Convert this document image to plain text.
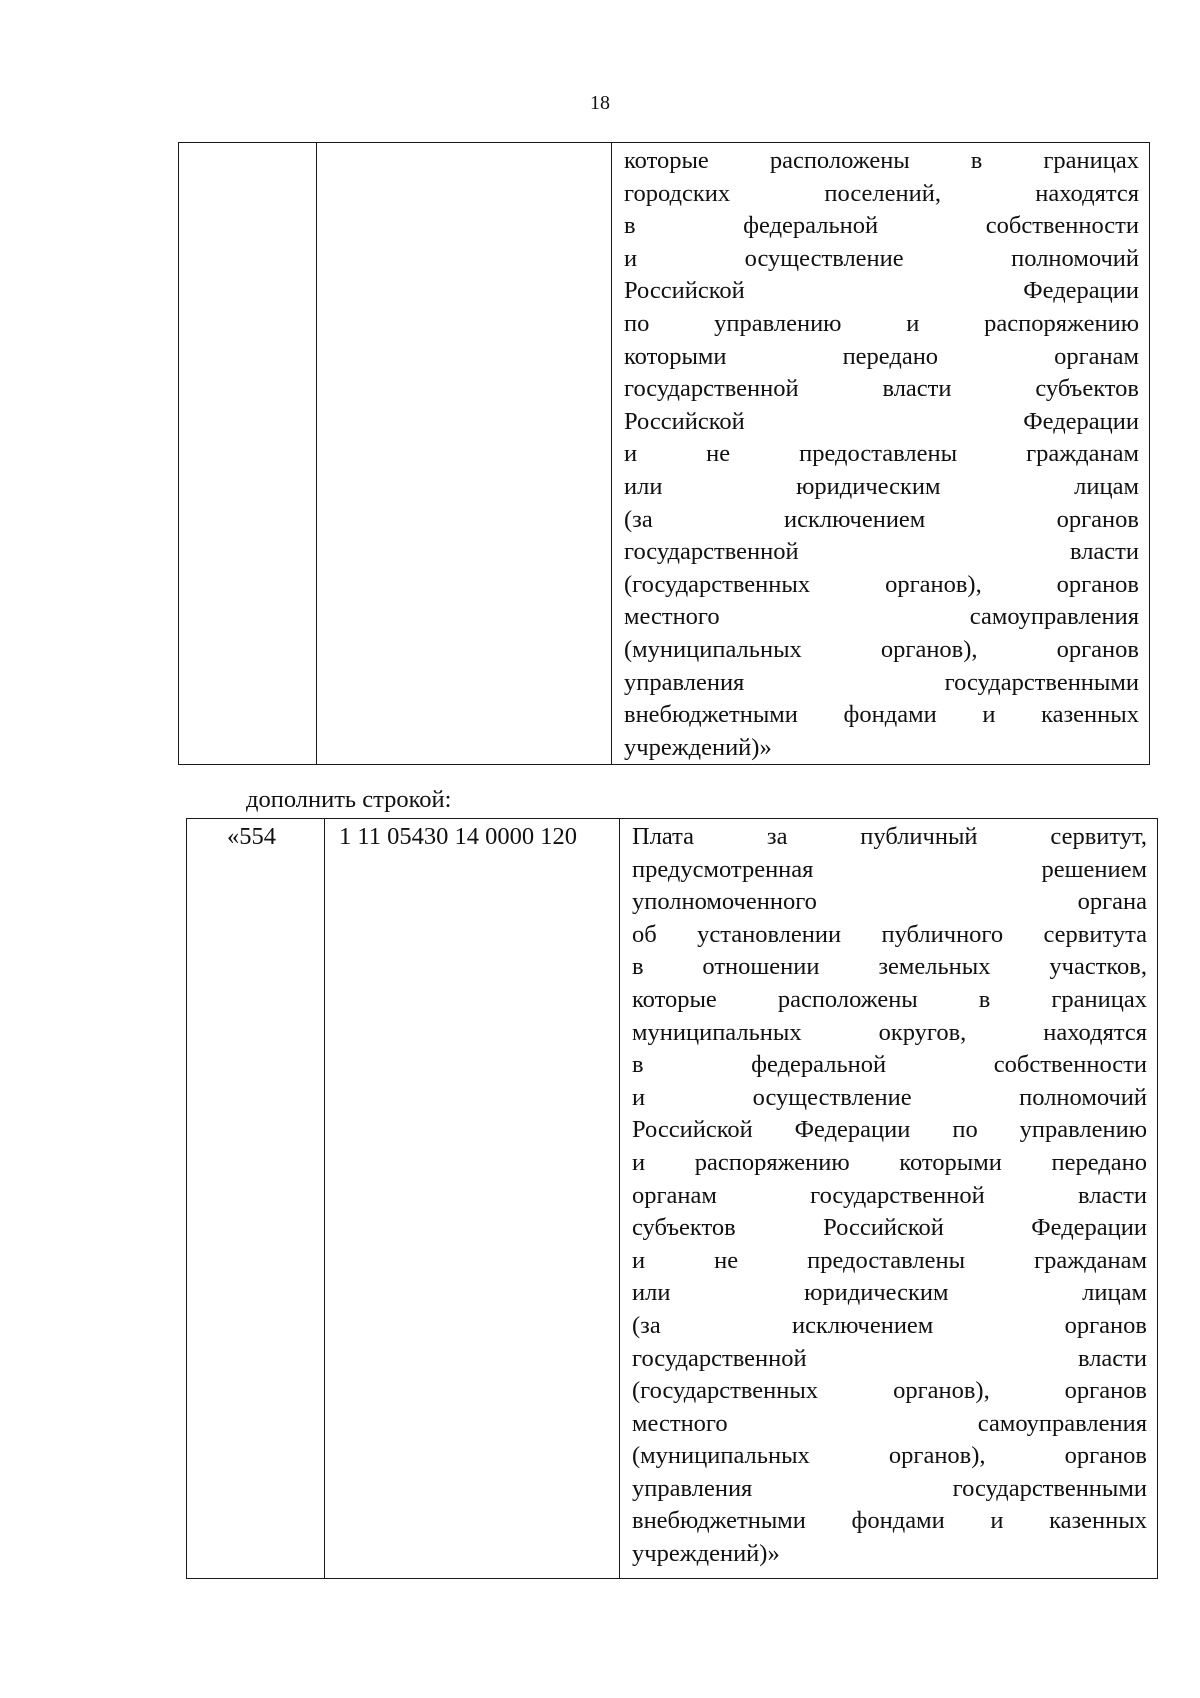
18

которые расположены в границах
городских поселений, находятся
в федеральной собственности
и осуществление полномочий
Российской Федерации
по управлению и распоряжению
которыми передано органам
государственной власти субъектов
Российской Федерации
и не предоставлены гражданам
или юридическим лицам
(за исключением органов
государственной власти
(государственных органов), органов
местного самоуправления
(муниципальных органов), органов
управления государственными
внебюджетными фондами и казенных
учреждений)»
дополнить строкой:
«554	1 11 05430 14 0000 120	Плата за публичный сервитут,
предусмотренная решением
уполномоченного органа
об установлении публичного сервитута
в отношении земельных участков,
которые расположены в границах
муниципальных округов, находятся
в федеральной собственности
и осуществление полномочий
Российской Федерации по управлению
и распоряжению которыми передано
органам государственной власти
субъектов Российской Федерации
и не предоставлены гражданам
или юридическим лицам
(за исключением органов
государственной власти
(государственных органов), органов
местного самоуправления
(муниципальных органов), органов
управления государственными
внебюджетными фондами и казенных
учреждений)»
